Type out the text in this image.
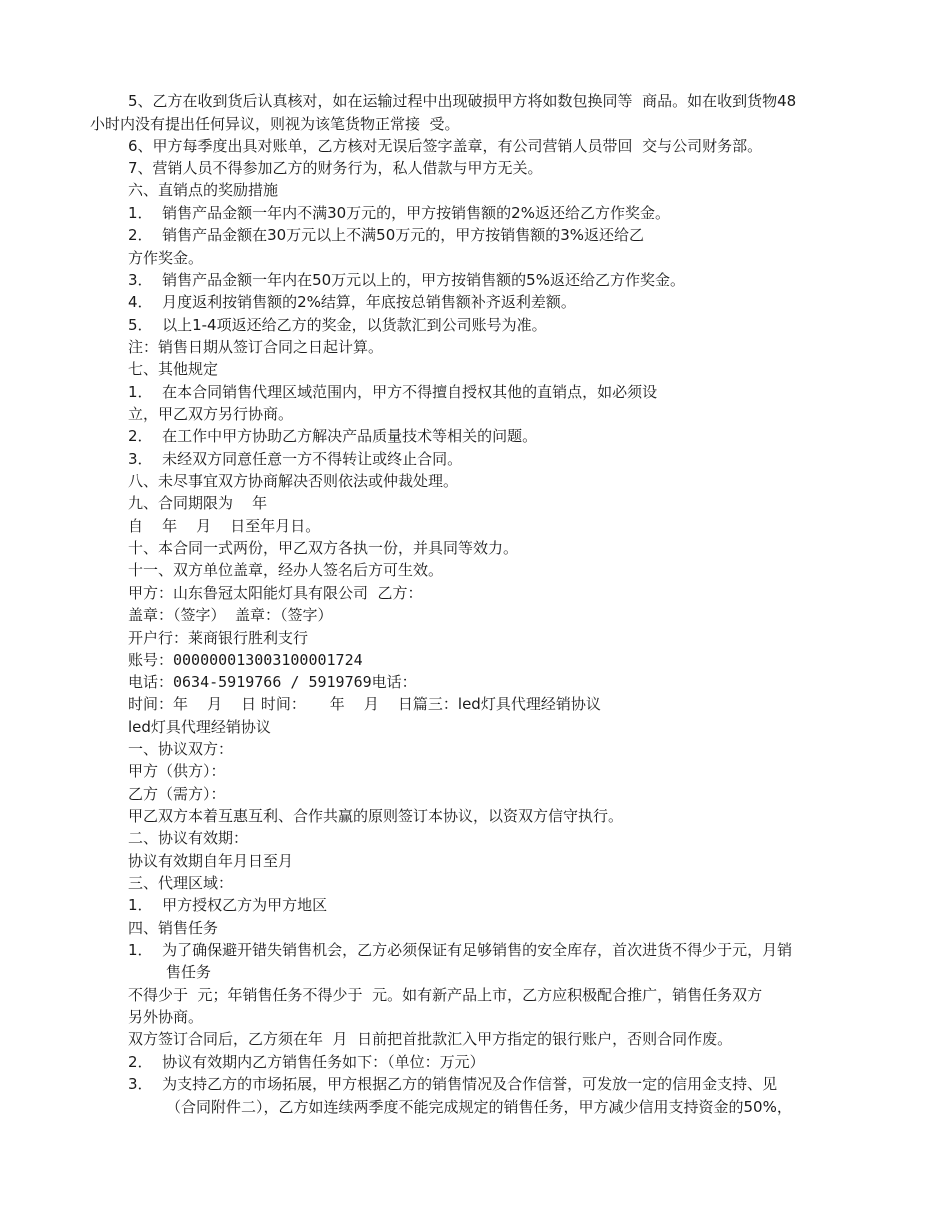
5、乙方在收到货后认真核对，如在运输过程中出现破损甲方将如数包换同等  商品。如在收到货物48
小时内没有提出任何异议，则视为该笔货物正常接  受。
6、甲方每季度出具对账单，乙方核对无误后签字盖章，有公司营销人员带回  交与公司财务部。
7、营销人员不得参加乙方的财务行为，私人借款与甲方无关。
六、直销点的奖励措施
1．  销售产品金额一年内不满30万元的，甲方按销售额的2%返还给乙方作奖金。
2．  销售产品金额在30万元以上不满50万元的，甲方按销售额的3%返还给乙
方作奖金。
3．  销售产品金额一年内在50万元以上的，甲方按销售额的5%返还给乙方作奖金。
4．  月度返利按销售额的2%结算，年底按总销售额补齐返利差额。
5．  以上1-4项返还给乙方的奖金，以货款汇到公司账号为准。
注：销售日期从签订合同之日起计算。
七、其他规定
1．  在本合同销售代理区域范围内，甲方不得擅自授权其他的直销点，如必须设
立，甲乙双方另行协商。
2．  在工作中甲方协助乙方解决产品质量技术等相关的问题。
3．  未经双方同意任意一方不得转让或终止合同。
八、未尽事宜双方协商解决否则依法或仲裁处理。
九、合同期限为    年
自    年    月    日至年月日。
十、本合同一式两份，甲乙双方各执一份，并具同等效力。
十一、双方单位盖章，经办人签名后方可生效。
甲方：山东鲁冠太阳能灯具有限公司  乙方：
盖章：（签字）  盖章：（签字）
开户行：莱商银行胜利支行
账号：000000013003100001724
电话：0634-5919766 / 5919769电话：
时间：年    月    日 时间：     年    月    日篇三：led灯具代理经销协议
led灯具代理经销协议
一、协议双方：
甲方（供方）：
乙方（需方）：
甲乙双方本着互惠互利、合作共赢的原则签订本协议，以资双方信守执行。
二、协议有效期：
协议有效期自年月日至月
三、代理区域：
1．  甲方授权乙方为甲方地区
四、销售任务
1．  为了确保避开错失销售机会，乙方必须保证有足够销售的安全库存，首次进货不得少于元，月销
售任务
不得少于  元；年销售任务不得少于  元。如有新产品上市，乙方应积极配合推广，销售任务双方
另外协商。
双方签订合同后，乙方须在年  月  日前把首批款汇入甲方指定的银行账户，否则合同作废。
2．  协议有效期内乙方销售任务如下：（单位：万元）
3．  为支持乙方的市场拓展，甲方根据乙方的销售情况及合作信誉，可发放一定的信用金支持、见
（合同附件二），乙方如连续两季度不能完成规定的销售任务，甲方减少信用支持资金的50%，
